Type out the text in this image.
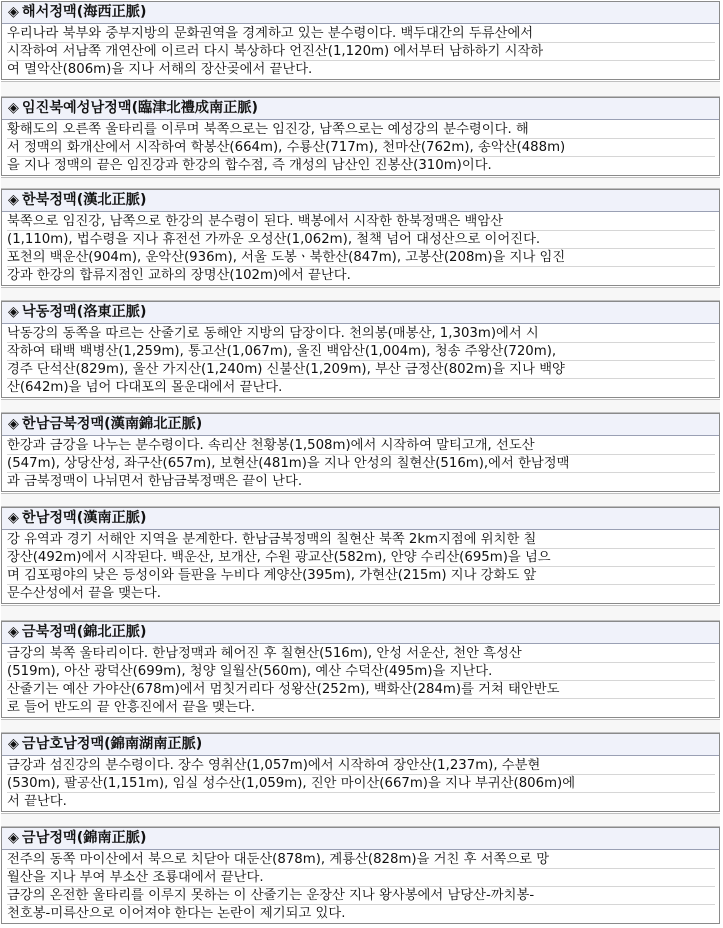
◈ 해서정맥(海西正脈)
우리나라 북부와 중부지방의 문화권역을 경계하고 있는 분수령이다. 백두대간의 두류산에서
시작하여 서남쪽 개연산에 이르러 다시 북상하다 언진산(1,120m) 에서부터 남하하기 시작하
여 멸악산(806m)을 지나 서해의 장산곶에서 끝난다.
◈ 임진북예성남정맥(臨津北禮成南正脈)
황해도의 오른쪽 울타리를 이루며 북쪽으로는 임진강, 남쪽으로는 예성강의 분수령이다. 해
서 정맥의 화개산에서 시작하여 학봉산(664m), 수룡산(717m), 천마산(762m), 송악산(488m)
을 지나 정맥의 끝은 임진강과 한강의 합수점, 즉 개성의 남산인 진봉산(310m)이다.
◈ 한북정맥(漢北正脈)
북쪽으로 임진강, 남쪽으로 한강의 분수령이 된다. 백봉에서 시작한 한북정맥은 백암산
(1,110m), 법수령을 지나 휴전선 가까운 오성산(1,062m), 철책 넘어 대성산으로 이어진다.
포천의 백운산(904m), 운악산(936m), 서울 도봉ㆍ북한산(847m), 고봉산(208m)을 지나 임진
강과 한강의 합류지점인 교하의 장명산(102m)에서 끝난다.
◈ 낙동정맥(洛東正脈)
낙동강의 동쪽을 따르는 산줄기로 동해안 지방의 담장이다. 천의봉(매봉산, 1,303m)에서 시
작하여 태백 백병산(1,259m), 통고산(1,067m), 울진 백암산(1,004m), 청송 주왕산(720m),
경주 단석산(829m), 울산 가지산(1,240m) 신불산(1,209m), 부산 금정산(802m)을 지나 백양
산(642m)을 넘어 다대포의 몰운대에서 끝난다.
◈ 한남금북정맥(漢南錦北正脈)
한강과 금강을 나누는 분수령이다. 속리산 천황봉(1,508m)에서 시작하여 말티고개, 선도산
(547m), 상당산성, 좌구산(657m), 보현산(481m)을 지나 안성의 칠현산(516m),에서 한남정맥
과 금북정맥이 나뉘면서 한남금북정맥은 끝이 난다.
◈ 한남정맥(漢南正脈)
강 유역과 경기 서해안 지역을 분계한다. 한남금북정맥의 칠현산 북쪽 2km지점에 위치한 칠
장산(492m)에서 시작된다. 백운산, 보개산, 수원 광교산(582m), 안양 수리산(695m)을 넘으
며 김포평야의 낮은 등성이와 들판을 누비다 계양산(395m), 가현산(215m) 지나 강화도 앞
문수산성에서 끝을 맺는다.
◈ 금북정맥(錦北正脈)
금강의 북쪽 울타리이다. 한남정맥과 헤어진 후 칠현산(516m), 안성 서운산, 천안 흑성산
(519m), 아산 광덕산(699m), 청양 일월산(560m), 예산 수덕산(495m)을 지난다.
산줄기는 예산 가야산(678m)에서 멈칫거리다 성왕산(252m), 백화산(284m)를 거쳐 태안반도
로 들어 반도의 끝 안흥진에서 끝을 맺는다.
◈ 금남호남정맥(錦南湖南正脈)
금강과 섬진강의 분수령이다. 장수 영취산(1,057m)에서 시작하여 장안산(1,237m), 수분현
(530m), 팔공산(1,151m), 임실 성수산(1,059m), 진안 마이산(667m)을 지나 부귀산(806m)에
서 끝난다.
◈ 금남정맥(錦南正脈)
전주의 동쪽 마이산에서 북으로 치닫아 대둔산(878m), 계룡산(828m)을 거친 후 서쪽으로 망
월산을 지나 부여 부소산 조룡대에서 끝난다.
금강의 온전한 울타리를 이루지 못하는 이 산줄기는 운장산 지나 왕사봉에서 남당산-까치봉-
천호봉-미륵산으로 이어져야 한다는 논란이 제기되고 있다.
